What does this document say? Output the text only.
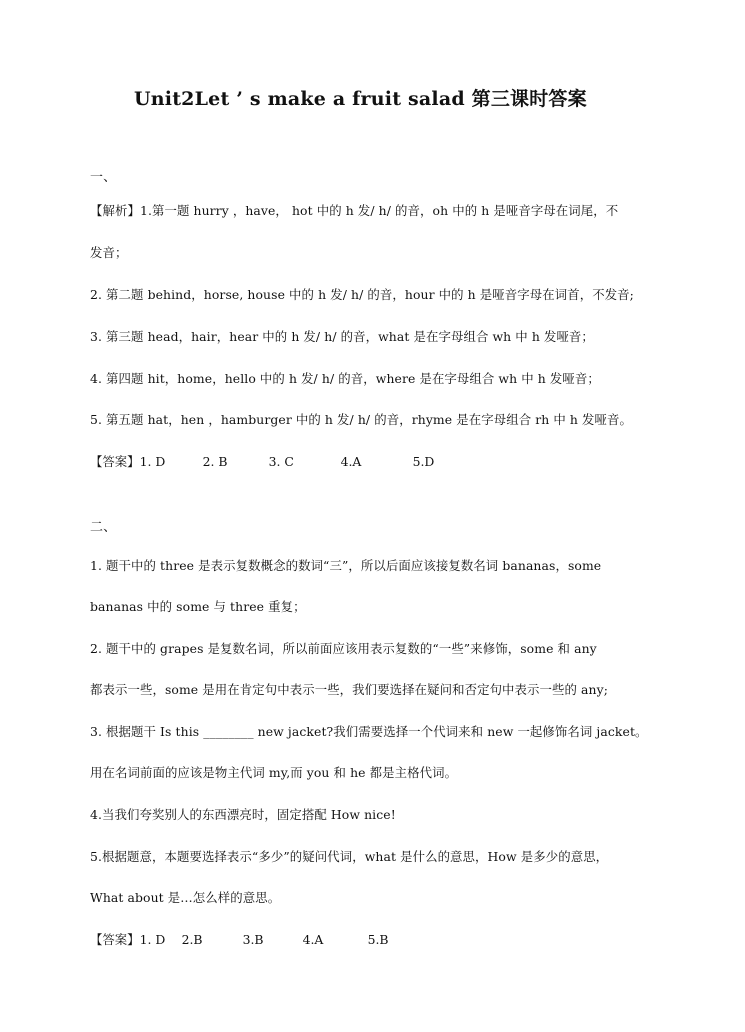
Unit2Let ’ s make a fruit salad 第三课时答案
一、
【解析】1.第一题 hurry ，have， hot 中的 h 发/ h/ 的音，oh 中的 h 是哑音字母在词尾，不
发音；
2. 第二题 behind，horse, house 中的 h 发/ h/ 的音，hour 中的 h 是哑音字母在词首，不发音;
3. 第三题 head，hair，hear 中的 h 发/ h/ 的音，what 是在字母组合 wh 中 h 发哑音；
4. 第四题 hit，home，hello 中的 h 发/ h/ 的音，where 是在字母组合 wh 中 h 发哑音；
5. 第五题 hat，hen ，hamburger 中的 h 发/ h/ 的音，rhyme 是在字母组合 rh 中 h 发哑音。
【答案】1. D	2. B	3. C	4.A	5.D
二、
1. 题干中的 three 是表示复数概念的数词“三”，所以后面应该接复数名词 bananas，some
bananas 中的 some 与 three 重复；
2. 题干中的 grapes 是复数名词，所以前面应该用表示复数的“一些”来修饰，some 和 any
都表示一些，some 是用在肯定句中表示一些，我们要选择在疑问和否定句中表示一些的 any;
3. 根据题干 Is this ________ new jacket?我们需要选择一个代词来和 new 一起修饰名词 jacket。
用在名词前面的应该是物主代词 my,而 you 和 he 都是主格代词。
4.当我们夸奖别人的东西漂亮时，固定搭配 How nice!
5.根据题意，本题要选择表示“多少”的疑问代词，what 是什么的意思，How 是多少的意思，
What about 是…怎么样的意思。
【答案】1. D 2.B	3.B	4.A	5.B
